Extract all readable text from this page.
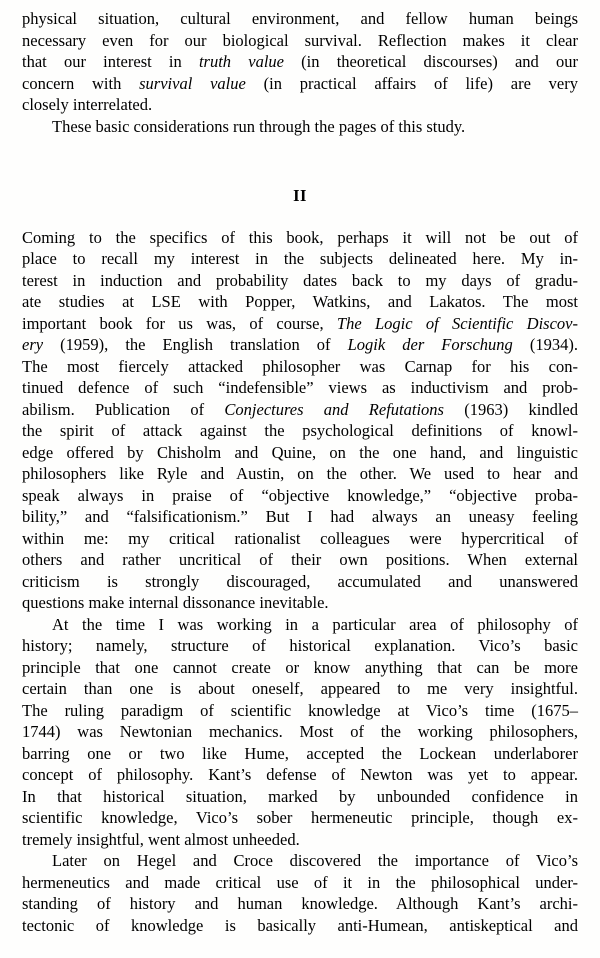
physical situation, cultural environment, and fellow human beings
necessary even for our biological survival. Reflection makes it clear
that our interest in truth value (in theoretical discourses) and our
concern with survival value (in practical affairs of life) are very
closely interrelated.
These basic considerations run through the pages of this study.
II
Coming to the specifics of this book, perhaps it will not be out of
place to recall my interest in the subjects delineated here. My in-
terest in induction and probability dates back to my days of gradu-
ate studies at LSE with Popper, Watkins, and Lakatos. The most
important book for us was, of course, The Logic of Scientific Discov-
ery (1959), the English translation of Logik der Forschung (1934).
The most fiercely attacked philosopher was Carnap for his con-
tinued defence of such “indefensible” views as inductivism and prob-
abilism. Publication of Conjectures and Refutations (1963) kindled
the spirit of attack against the psychological definitions of knowl-
edge offered by Chisholm and Quine, on the one hand, and linguistic
philosophers like Ryle and Austin, on the other. We used to hear and
speak always in praise of “objective knowledge,” “objective proba-
bility,” and “falsificationism.” But I had always an uneasy feeling
within me: my critical rationalist colleagues were hypercritical of
others and rather uncritical of their own positions. When external
criticism is strongly discouraged, accumulated and unanswered
questions make internal dissonance inevitable.
At the time I was working in a particular area of philosophy of
history; namely, structure of historical explanation. Vico’s basic
principle that one cannot create or know anything that can be more
certain than one is about oneself, appeared to me very insightful.
The ruling paradigm of scientific knowledge at Vico’s time (1675–
1744) was Newtonian mechanics. Most of the working philosophers,
barring one or two like Hume, accepted the Lockean underlaborer
concept of philosophy. Kant’s defense of Newton was yet to appear.
In that historical situation, marked by unbounded confidence in
scientific knowledge, Vico’s sober hermeneutic principle, though ex-
tremely insightful, went almost unheeded.
Later on Hegel and Croce discovered the importance of Vico’s
hermeneutics and made critical use of it in the philosophical under-
standing of history and human knowledge. Although Kant’s archi-
tectonic of knowledge is basically anti-Humean, antiskeptical and
